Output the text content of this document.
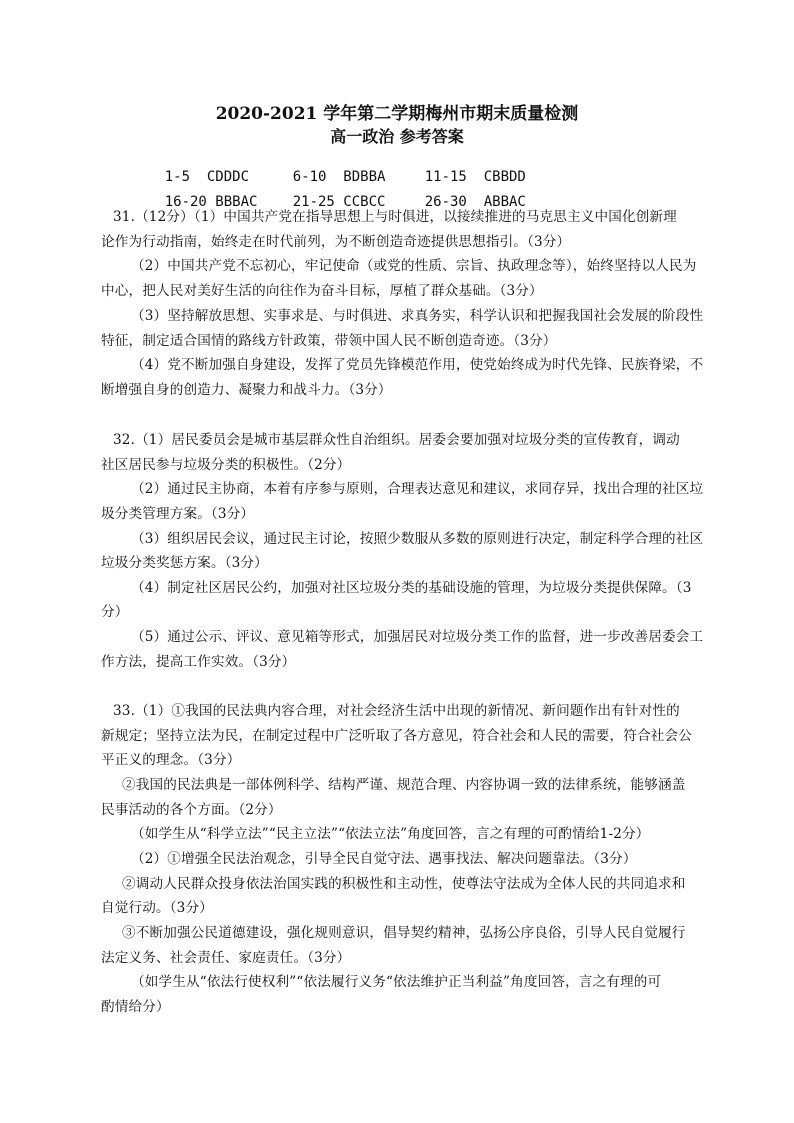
2020-2021 学年第二学期梅州市期末质量检测
高一政治 参考答案

1-5  CDDDC	6-10  BDBBA	11-15  CBBDD

16-20 BBBAC	21-25 CCBCC	26-30  ABBAC

31.（12分）（1）中国共产党在指导思想上与时俱进，以接续推进的马克思主义中国化创新理
论作为行动指南，始终走在时代前列，为不断创造奇迹提供思想指引。（3分）
（2）中国共产党不忘初心，牢记使命（或党的性质、宗旨、执政理念等），始终坚持以人民为
中心，把人民对美好生活的向往作为奋斗目标，厚植了群众基础。（3分）
（3）坚持解放思想、实事求是、与时俱进、求真务实，科学认识和把握我国社会发展的阶段性
特征，制定适合国情的路线方针政策，带领中国人民不断创造奇迹。（3分）
（4）党不断加强自身建设，发挥了党员先锋模范作用，使党始终成为时代先锋、民族脊梁，不
断增强自身的创造力、凝聚力和战斗力。（3分）
32.（1）居民委员会是城市基层群众性自治组织。居委会要加强对垃圾分类的宣传教育，调动
社区居民参与垃圾分类的积极性。（2分）
（2）通过民主协商，本着有序参与原则，合理表达意见和建议，求同存异，找出合理的社区垃
圾分类管理方案。（3分）
（3）组织居民会议，通过民主讨论，按照少数服从多数的原则进行决定，制定科学合理的社区
垃圾分类奖惩方案。（3分）
（4）制定社区居民公约，加强对社区垃圾分类的基础设施的管理，为垃圾分类提供保障。（3
分）
（5）通过公示、评议、意见箱等形式，加强居民对垃圾分类工作的监督，进一步改善居委会工
作方法，提高工作实效。（3分）
33.（1）①我国的民法典内容合理，对社会经济生活中出现的新情况、新问题作出有针对性的
新规定；坚持立法为民，在制定过程中广泛听取了各方意见，符合社会和人民的需要，符合社会公
平正义的理念。（3分）
②我国的民法典是一部体例科学、结构严谨、规范合理、内容协调一致的法律系统，能够涵盖
民事活动的各个方面。（2分）
（如学生从“科学立法”“民主立法”“依法立法”角度回答，言之有理的可酌情给1-2分）
（2）①增强全民法治观念，引导全民自觉守法、遇事找法、解决问题靠法。（3分）
②调动人民群众投身依法治国实践的积极性和主动性，使尊法守法成为全体人民的共同追求和
自觉行动。（3分）
③不断加强公民道德建设，强化规则意识，倡导契约精神，弘扬公序良俗，引导人民自觉履行
法定义务、社会责任、家庭责任。（3分）
（如学生从“依法行使权利”“依法履行义务“依法维护正当利益”角度回答，言之有理的可
酌情给分）
